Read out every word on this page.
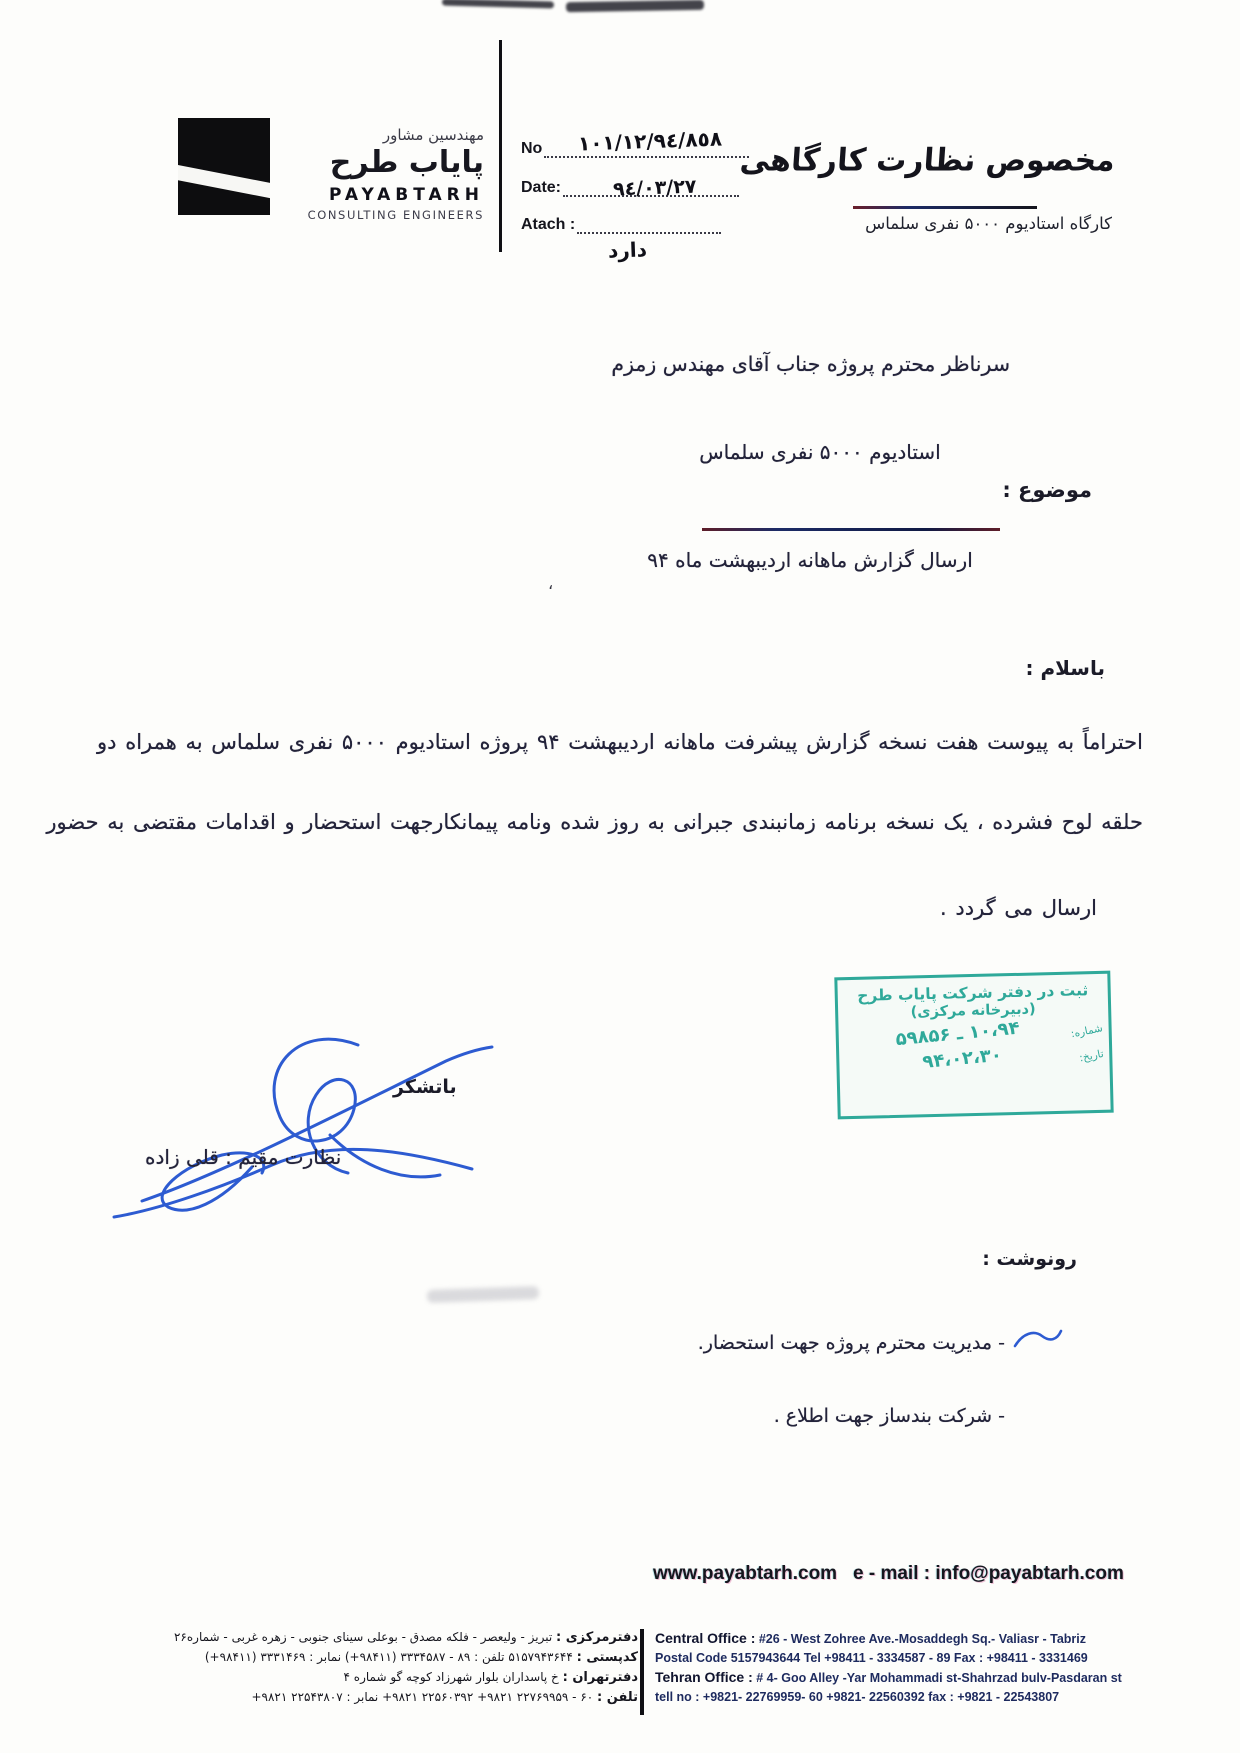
مهندسین مشاور
پایاب طرح
PAYABTARH
CONSULTING ENGINEERS
No ١٠١/١٢/٩٤/٨٥٨
Date:	٩٤/٠٣/٢٧
Atach :
دارد
مخصوص نظارت کارگاهی
کارگاه استادیوم ۵۰۰۰ نفری سلماس
سرناظر محترم پروژه جناب آقای مهندس زمزم
موضوع :
استادیوم ۵۰۰۰ نفری سلماس
ارسال گزارش ماهانه اردیبهشت ماه ۹۴
،
باسلام :
احتراماً به پیوست هفت نسخه گزارش پیشرفت ماهانه اردیبهشت ۹۴ پروژه استادیوم ۵۰۰۰ نفری سلماس به همراه دو
حلقه لوح فشرده ، یک نسخه برنامه زمانبندی جبرانی به روز شده ونامه پیمانکارجهت استحضار و اقدامات مقتضی به حضور
ارسال می گردد .
ثبت در دفتر شرکت پایاب طرح
(دبیرخانه مرکزی)
شماره:
۱۰،۹۴ ـ ۵۹۸۵۶
تاریخ:
۹۴،۰۲،۳۰
باتشکر
نظارت مقیم : قلی زاده
رونوشت :
- مدیریت محترم پروژه جهت استحضار.
- شرکت بندساز جهت اطلاع .
www.payabtarh.com e - mail : info@payabtarh.com
دفترمرکزی : تبریز - ولیعصر - فلکه مصدق - بوعلی سینای جنوبی - زهره غربی - شماره۲۶
کدپستی : ۵۱۵۷۹۴۳۶۴۴ تلفن : ۸۹ - ۳۳۳۴۵۸۷ (۹۸۴۱۱+) نمابر : ۳۳۳۱۴۶۹ (۹۸۴۱۱+)
دفترتهران : خ پاسداران بلوار شهرزاد کوچه گو شماره ۴
تلفن : ۶۰ - ۲۲۷۶۹۹۵۹ ۹۸۲۱+ ۲۲۵۶۰۳۹۲ ۹۸۲۱+ نمابر : ۲۲۵۴۳۸۰۷ ۹۸۲۱+
Central Office : #26 - West Zohree Ave.-Mosaddegh Sq.- Valiasr - Tabriz
Postal Code 5157943644 Tel +98411 - 3334587 - 89 Fax : +98411 - 3331469
Tehran Office : # 4- Goo Alley -Yar Mohammadi st-Shahrzad bulv-Pasdaran st
tell no : +9821- 22769959- 60 +9821- 22560392 fax : +9821 - 22543807
